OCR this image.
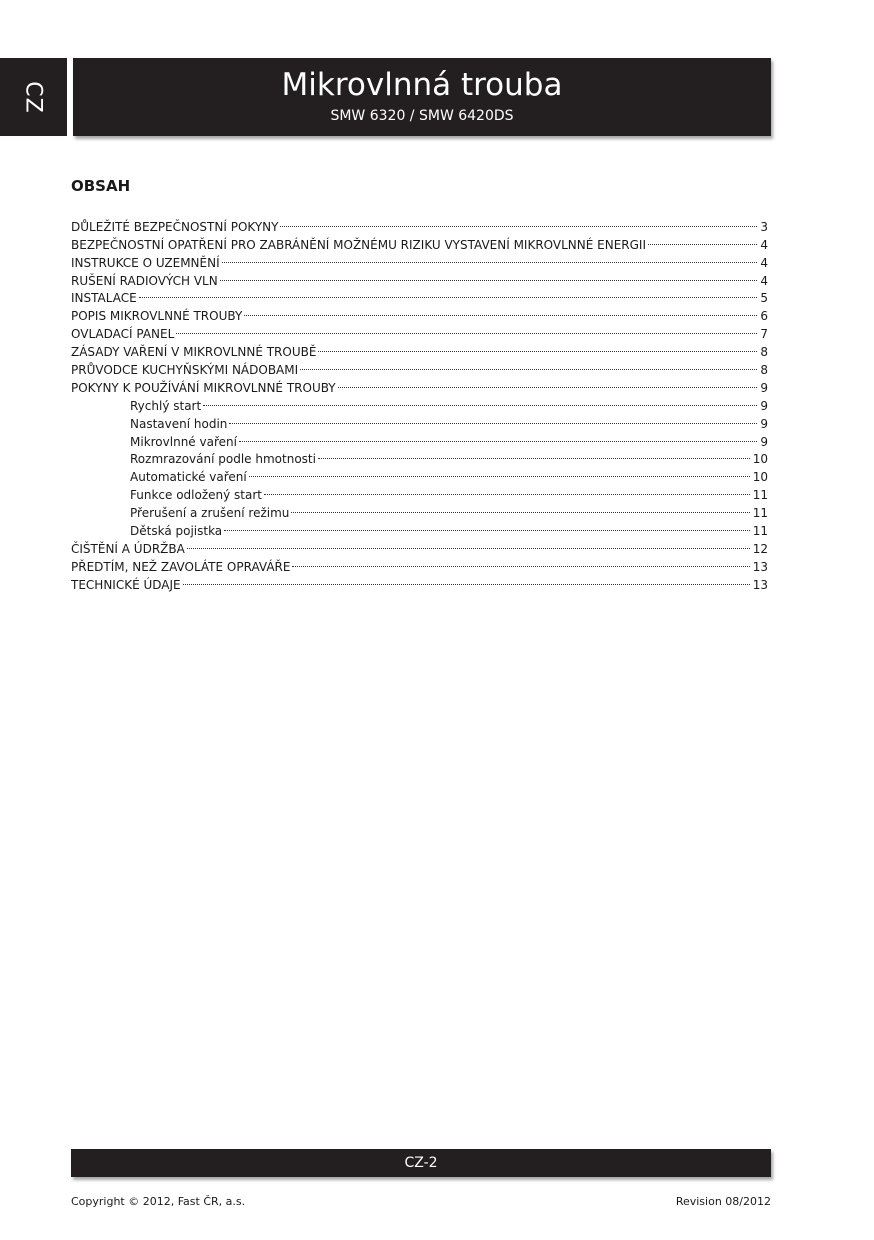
CZ	Mikrovlnná trouba
SMW 6320 / SMW 6420DS
OBSAH
DŮLEŽITÉ BEZPEČNOSTNÍ POKYNY	3
BEZPEČNOSTNÍ OPATŘENÍ PRO ZABRÁNĚNÍ MOŽNÉMU RIZIKU VYSTAVENÍ MIKROVLNNÉ ENERGII	4
INSTRUKCE O UZEMNĚNÍ	4
RUŠENÍ RADIOVÝCH VLN	4
INSTALACE	5
POPIS MIKROVLNNÉ TROUBY	6
OVLADACÍ PANEL	7
ZÁSADY VAŘENÍ V MIKROVLNNÉ TROUBĚ	8
PRŮVODCE KUCHYŇSKÝMI NÁDOBAMI	8
POKYNY K POUŽÍVÁNÍ MIKROVLNNÉ TROUBY	9
Rychlý start	9
Nastavení hodin	9
Mikrovlnné vaření	9
Rozmrazování podle hmotnosti	10
Automatické vaření	10
Funkce odložený start	11
Přerušení a zrušení režimu	11
Dětská pojistka	11
ČIŠTĚNÍ A ÚDRŽBA	12
PŘEDTÍM, NEŽ ZAVOLÁTE OPRAVÁŘE	13
TECHNICKÉ ÚDAJE	13
CZ-2
Copyright © 2012, Fast ČR, a.s.	Revision 08/2012
